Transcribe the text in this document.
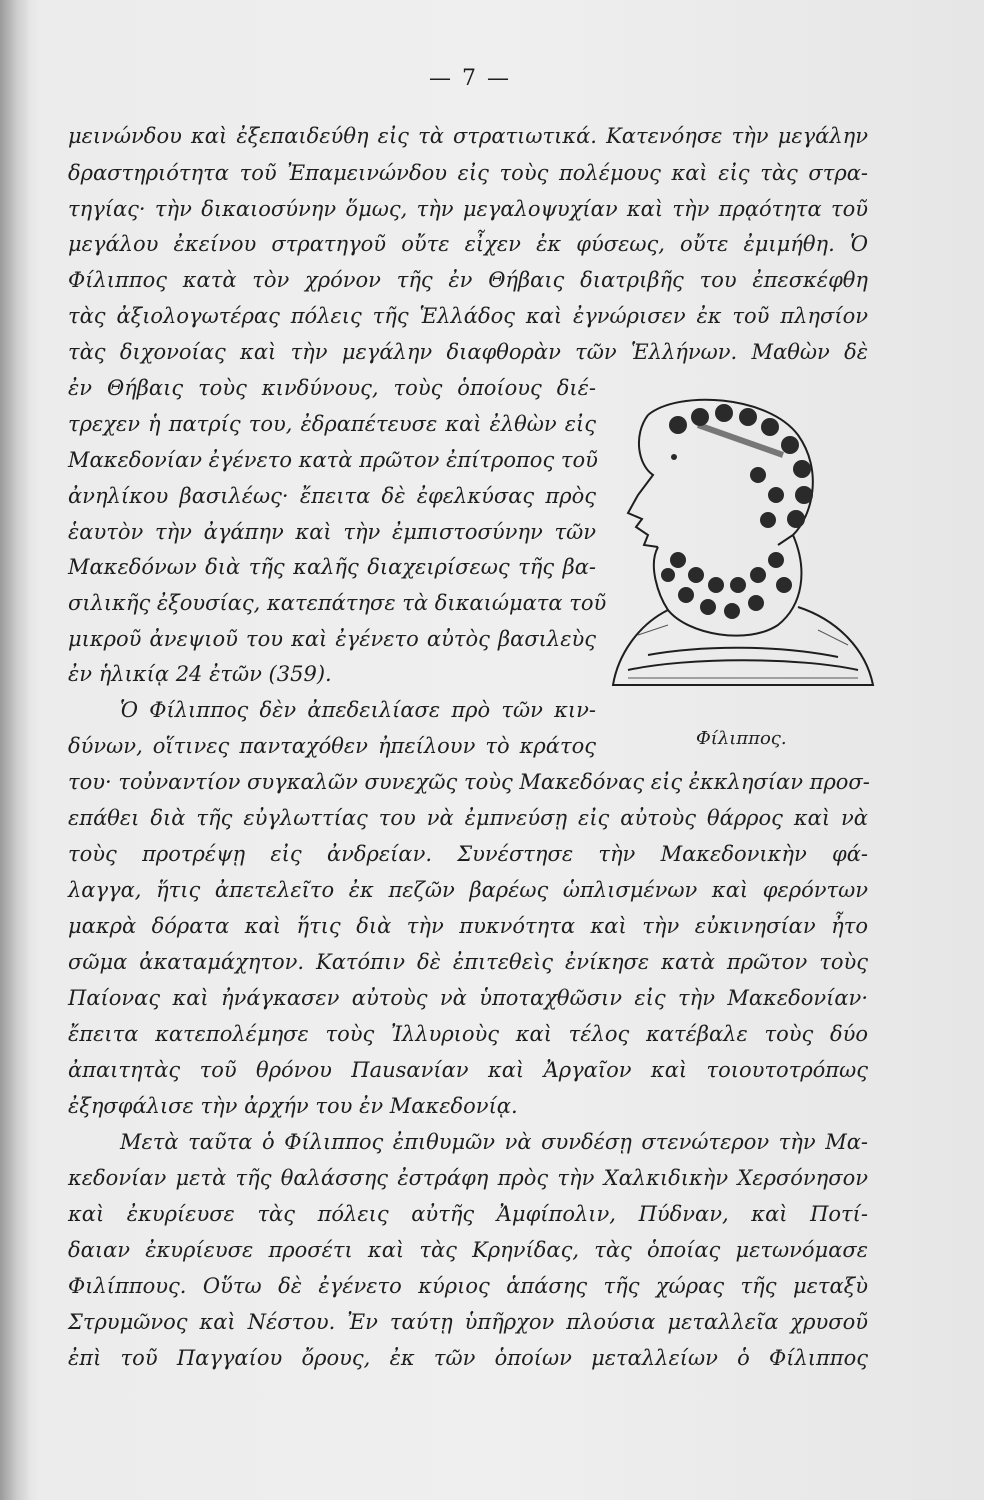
— 7 —

μεινώνδου καὶ ἐξεπαιδεύθη εἰς τὰ στρατιωτικά. Κατενόησε τὴν μεγάλην

δραστηριότητα τοῦ Ἐπαμεινώνδου εἰς τοὺς πολέμους καὶ εἰς τὰς στρα-

τηγίας· τὴν δικαιοσύνην ὅμως, τὴν μεγαλοψυχίαν καὶ τὴν πρᾳότητα τοῦ

μεγάλου ἐκείνου στρατηγοῦ οὔτε εἶχεν ἐκ φύσεως, οὔτε ἐμιμήθη. Ὁ

Φίλιππος κατὰ τὸν χρόνον τῆς ἐν Θήβαις διατριβῆς του ἐπεσκέφθη

τὰς ἀξιολογωτέρας πόλεις τῆς Ἑλλάδος καὶ ἐγνώρισεν ἐκ τοῦ πλησίον

τὰς διχονοίας καὶ τὴν μεγάλην διαφθορὰν τῶν Ἑλλήνων. Μαθὼν δὲ

ἐν Θήβαις τοὺς κινδύνους, τοὺς ὁποίους διέ-

τρεχεν ἡ πατρίς του, ἐδραπέτευσε καὶ ἐλθὼν εἰς

Μακεδονίαν ἐγένετο κατὰ πρῶτον ἐπίτροπος τοῦ

ἀνηλίκου βασιλέως· ἔπειτα δὲ ἐφελκύσας πρὸς

ἑαυτὸν τὴν ἀγάπην καὶ τὴν ἐμπιστοσύνην τῶν

Μακεδόνων διὰ τῆς καλῆς διαχειρίσεως τῆς βα-

σιλικῆς ἐξουσίας, κατεπάτησε τὰ δικαιώματα τοῦ

μικροῦ ἀνεψιοῦ του καὶ ἐγένετο αὐτὸς βασιλεὺς

ἐν ἡλικίᾳ 24 ἐτῶν (359).

Ὁ Φίλιππος δὲν ἀπεδειλίασε πρὸ τῶν κιν-

δύνων, οἵτινες πανταχόθεν ἠπείλουν τὸ κράτος	Φίλιππος.

του· τοὐναντίον συγκαλῶν συνεχῶς τοὺς Μακεδόνας εἰς ἐκκλησίαν προσ-

επάθει διὰ τῆς εὐγλωττίας του νὰ ἐμπνεύσῃ εἰς αὐτοὺς θάρρος καὶ νὰ

τοὺς προτρέψῃ εἰς ἀνδρείαν. Συνέστησε τὴν Μακεδονικὴν φά-

λαγγα, ἥτις ἀπετελεῖτο ἐκ πεζῶν βαρέως ὡπλισμένων καὶ φερόντων

μακρὰ δόρατα καὶ ἥτις διὰ τὴν πυκνότητα καὶ τὴν εὐκινησίαν ἦτο

σῶμα ἀκαταμάχητον. Κατόπιν δὲ ἐπιτεθεὶς ἐνίκησε κατὰ πρῶτον τοὺς

Παίονας καὶ ἠνάγκασεν αὐτοὺς νὰ ὑποταχθῶσιν εἰς τὴν Μακεδονίαν·

ἔπειτα κατεπολέμησε τοὺς Ἰλλυριοὺς καὶ τέλος κατέβαλε τοὺς δύο

ἀπαιτητὰς τοῦ θρόνου Πausανίαν καὶ Ἀργαῖον καὶ τοιουτοτρόπως

ἐξησφάλισε τὴν ἀρχήν του ἐν Μακεδονίᾳ.

Μετὰ ταῦτα ὁ Φίλιππος ἐπιθυμῶν νὰ συνδέσῃ στενώτερον τὴν Μα-

κεδονίαν μετὰ τῆς θαλάσσης ἐστράφη πρὸς τὴν Χαλκιδικὴν Χερσόνησον

καὶ ἐκυρίευσε τὰς πόλεις αὐτῆς Ἀμφίπολιν, Πύδναν, καὶ Ποτί-

δαιαν ἐκυρίευσε προσέτι καὶ τὰς Κρηνίδας, τὰς ὁποίας μετωνόμασε

Φιλίππους. Οὕτω δὲ ἐγένετο κύριος ἁπάσης τῆς χώρας τῆς μεταξὺ

Στρυμῶνος καὶ Νέστου. Ἐν ταύτῃ ὑπῆρχον πλούσια μεταλλεῖα χρυσοῦ

ἐπὶ τοῦ Παγγαίου ὄρους, ἐκ τῶν ὁποίων μεταλλείων ὁ Φίλιππος
